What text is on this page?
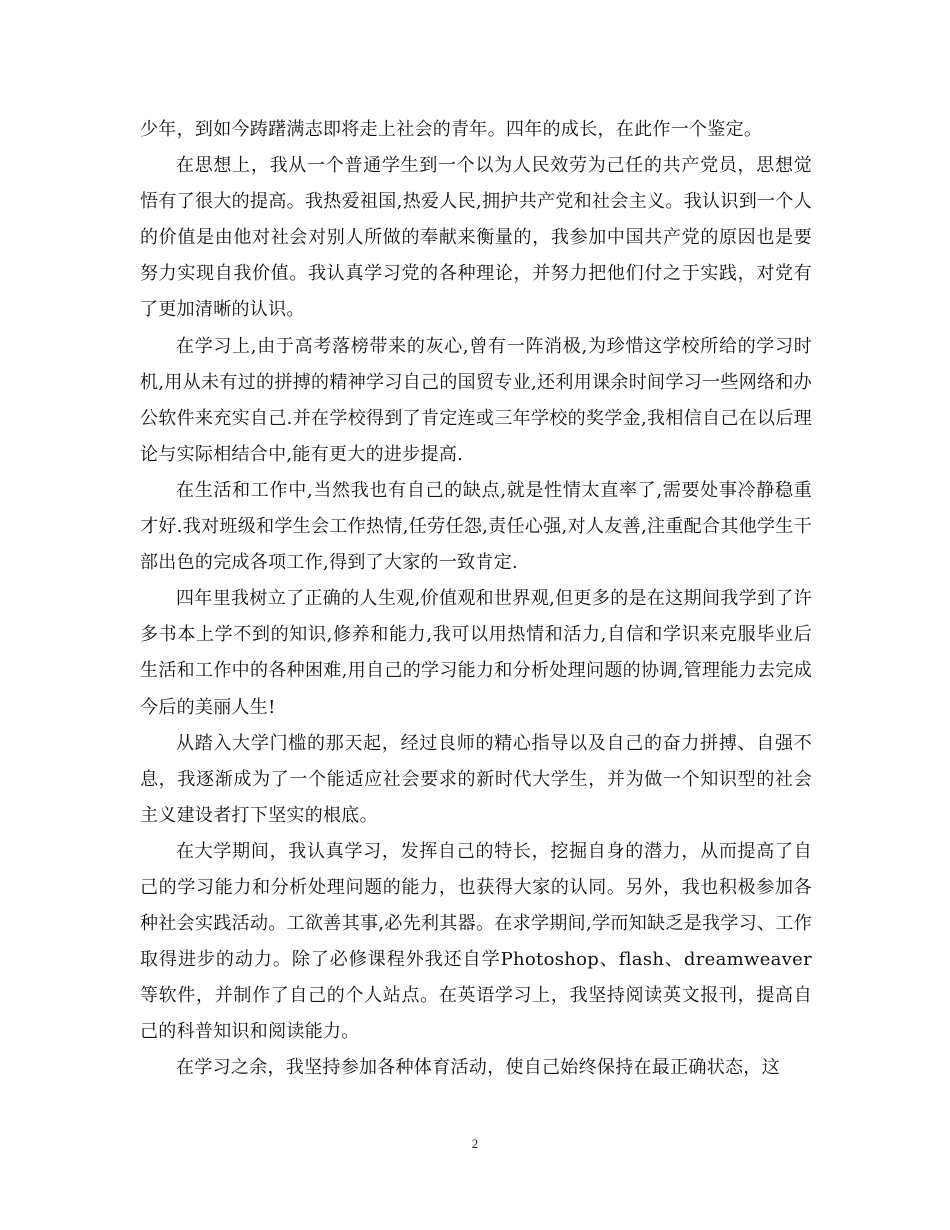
少年，到如今踌躇满志即将走上社会的青年。四年的成长，在此作一个鉴定。

在思想上，我从一个普通学生到一个以为人民效劳为己任的共产党员，思想觉悟有了很大的提高。我热爱祖国,热爱人民,拥护共产党和社会主义。我认识到一个人的价值是由他对社会对别人所做的奉献来衡量的，我参加中国共产党的原因也是要努力实现自我价值。我认真学习党的各种理论，并努力把他们付之于实践，对党有了更加清晰的认识。

在学习上,由于高考落榜带来的灰心,曾有一阵消极,为珍惜这学校所给的学习时机,用从未有过的拼搏的精神学习自己的国贸专业,还利用课余时间学习一些网络和办公软件来充实自己.并在学校得到了肯定连或三年学校的奖学金,我相信自己在以后理论与实际相结合中,能有更大的进步提高.

在生活和工作中,当然我也有自己的缺点,就是性情太直率了,需要处事冷静稳重才好.我对班级和学生会工作热情,任劳任怨,责任心强,对人友善,注重配合其他学生干部出色的完成各项工作,得到了大家的一致肯定.

四年里我树立了正确的人生观,价值观和世界观,但更多的是在这期间我学到了许多书本上学不到的知识,修养和能力,我可以用热情和活力,自信和学识来克服毕业后生活和工作中的各种困难,用自己的学习能力和分析处理问题的协调,管理能力去完成今后的美丽人生!

从踏入大学门槛的那天起，经过良师的精心指导以及自己的奋力拼搏、自强不息，我逐渐成为了一个能适应社会要求的新时代大学生，并为做一个知识型的社会主义建设者打下坚实的根底。

在大学期间，我认真学习，发挥自己的特长，挖掘自身的潜力，从而提高了自己的学习能力和分析处理问题的能力，也获得大家的认同。另外，我也积极参加各种社会实践活动。工欲善其事,必先利其器。在求学期间,学而知缺乏是我学习、工作取得进步的动力。除了必修课程外我还自学Photoshop、flash、dreamweaver等软件，并制作了自己的个人站点。在英语学习上，我坚持阅读英文报刊，提高自己的科普知识和阅读能力。

在学习之余，我坚持参加各种体育活动，使自己始终保持在最正确状态，这

2
